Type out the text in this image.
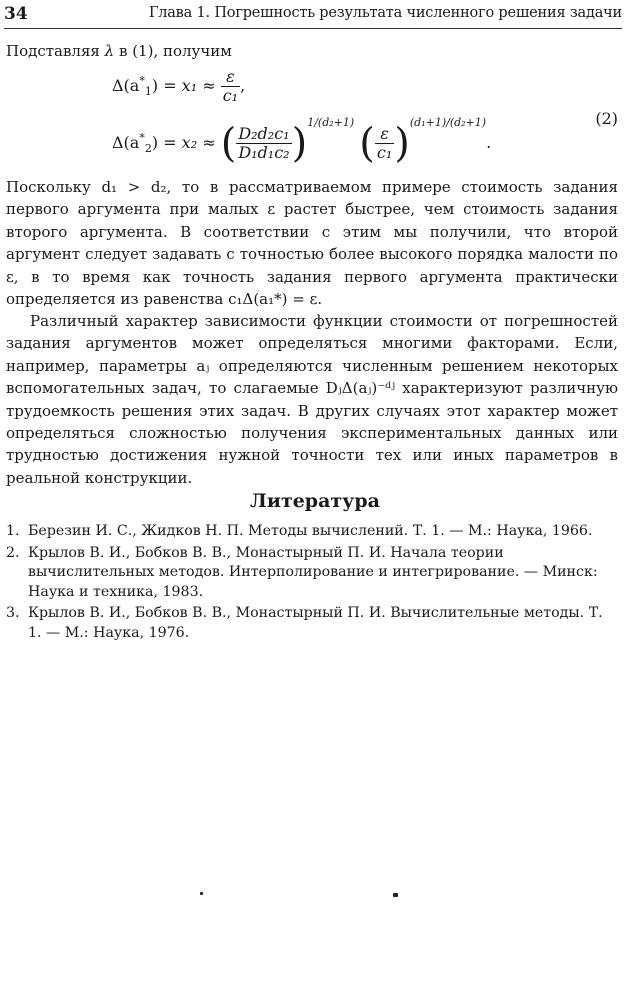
34	Глава 1. Погрешность результата численного решения задачи
Подставляя λ в (1), получим
$\Delta(a^*_1) = x_1 \approx \frac{\varepsilon}{\text{c₁}}$ ,
$\Delta(a^*_2) = x_2$ ≈ ( $\frac{\text{D₂d₂c₁}}{\text{D₁d₁c₂}} )^{1/(d_2+1)}$ ( $\frac{\varepsilon}{\text{c₁}} )^{(d_1+1)/(d_2+1)}$.
(2)

Поскольку d₁ > d₂, то в рассматриваемом примере стоимость задания первого аргумента при малых ε растет быстрее, чем стоимость задания второго аргумента. В соответствии с этим мы получили, что второй аргумент следует задавать с точностью более высокого порядка малости по ε, в то время как точность задания первого аргумента практически определяется из равенства c₁Δ(a₁*) = ε.

Различный характер зависимости функции стоимости от погрешностей задания аргументов может определяться многими факторами. Если, например, параметры aⱼ определяются численным решением некоторых вспомогательных задач, то слагаемые DⱼΔ(aⱼ)⁻ᵈʲ характеризуют различную трудоемкость решения этих задач. В других случаях этот характер может определяться сложностью получения экспериментальных данных или трудностью достижения нужной точности тех или иных параметров в реальной конструкции.

Литература
1. Березин И. С., Жидков Н. П. Методы вычислений. Т. 1. — М.: Наука, 1966.
2. Крылов В. И., Бобков В. В., Монастырный П. И. Начала теории вычислительных методов. Интерполирование и интегрирование. — Минск: Наука и техника, 1983.
3. Крылов В. И., Бобков В. В., Монастырный П. И. Вычислительные методы. Т. 1. — М.: Наука, 1976.
